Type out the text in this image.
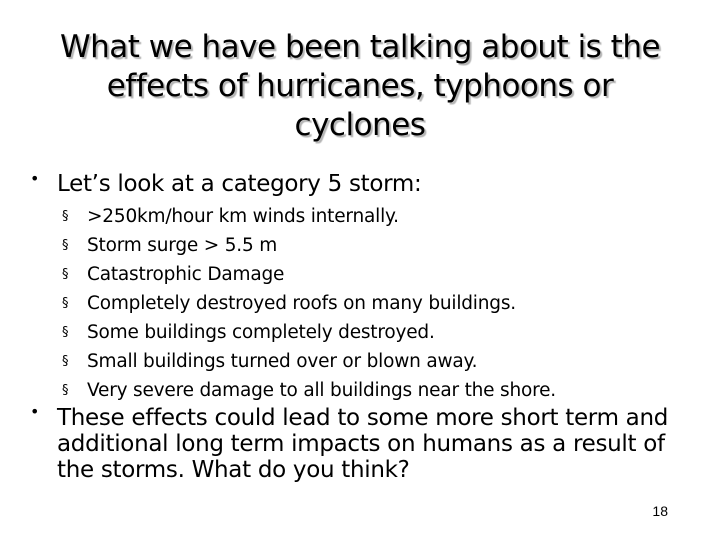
What we have been talking about is the
effects of hurricanes, typhoons or
cyclones
• Let’s look at a category 5 storm:
§ >250km/hour km winds internally.
§ Storm surge > 5.5 m
§ Catastrophic Damage
§ Completely destroyed roofs on many buildings.
§ Some buildings completely destroyed.
§ Small buildings turned over or blown away.
§ Very severe damage to all buildings near the shore.
• These effects could lead to some more short term and additional long term impacts on humans as a result of the storms. What do you think?
18
